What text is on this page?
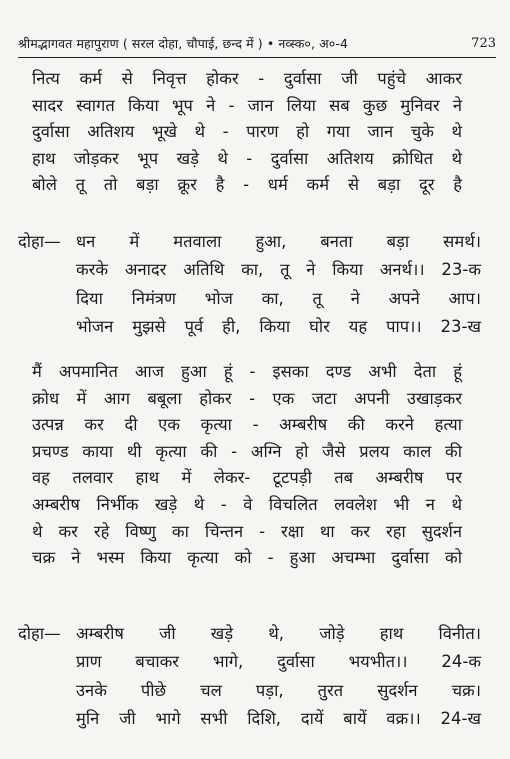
श्रीमद्भागवत महापुराण ( सरल दोहा, चौपाई, छन्द में ) • नव्स्क०, अ०-4	723
नित्य कर्म से निवृत्त होकर - दुर्वासा जी पहुंचे आकर
सादर स्वागत किया भूप ने - जान लिया सब कुछ मुनिवर ने
दुर्वासा अतिशय भूखे थे - पारण हो गया जान चुके थे
हाथ जोड़कर भूप खड़े थे - दुर्वासा अतिशय क्रोधित थे
बोले तू तो बड़ा क्रूर है - धर्म कर्म से बड़ा दूर है
दोहा— धन में मतवाला हुआ, बनता बड़ा समर्थ।
करके अनादर अतिथि का, तू ने किया अनर्थ।। 23-क
दिया निमंत्रण भोज का, तू ने अपने आप।
भोजन मुझसे पूर्व ही, किया घोर यह पाप।। 23-ख
मैं अपमानित आज हुआ हूं - इसका दण्ड अभी देता हूं
क्रोध में आग बबूला होकर - एक जटा अपनी उखाड़कर
उत्पन्न कर दी एक कृत्या - अम्बरीष की करने हत्या
प्रचण्ड काया थी कृत्या की - अग्नि हो जैसे प्रलय काल की
वह तलवार हाथ में लेकर- टूटपड़ी तब अम्बरीष पर
अम्बरीष निर्भीक खड़े थे - वे विचलित लवलेश भी न थे
थे कर रहे विष्णु का चिन्तन - रक्षा था कर रहा सुदर्शन
चक्र ने भस्म किया कृत्या को - हुआ अचम्भा दुर्वासा को
दोहा— अम्बरीष जी खड़े थे, जोड़े हाथ विनीत।
प्राण बचाकर भागे, दुर्वासा भयभीत।। 24-क
उनके पीछे चल पड़ा, तुरत सुदर्शन चक्र।
मुनि जी भागे सभी दिशि, दायें बायें वक्र।। 24-ख
